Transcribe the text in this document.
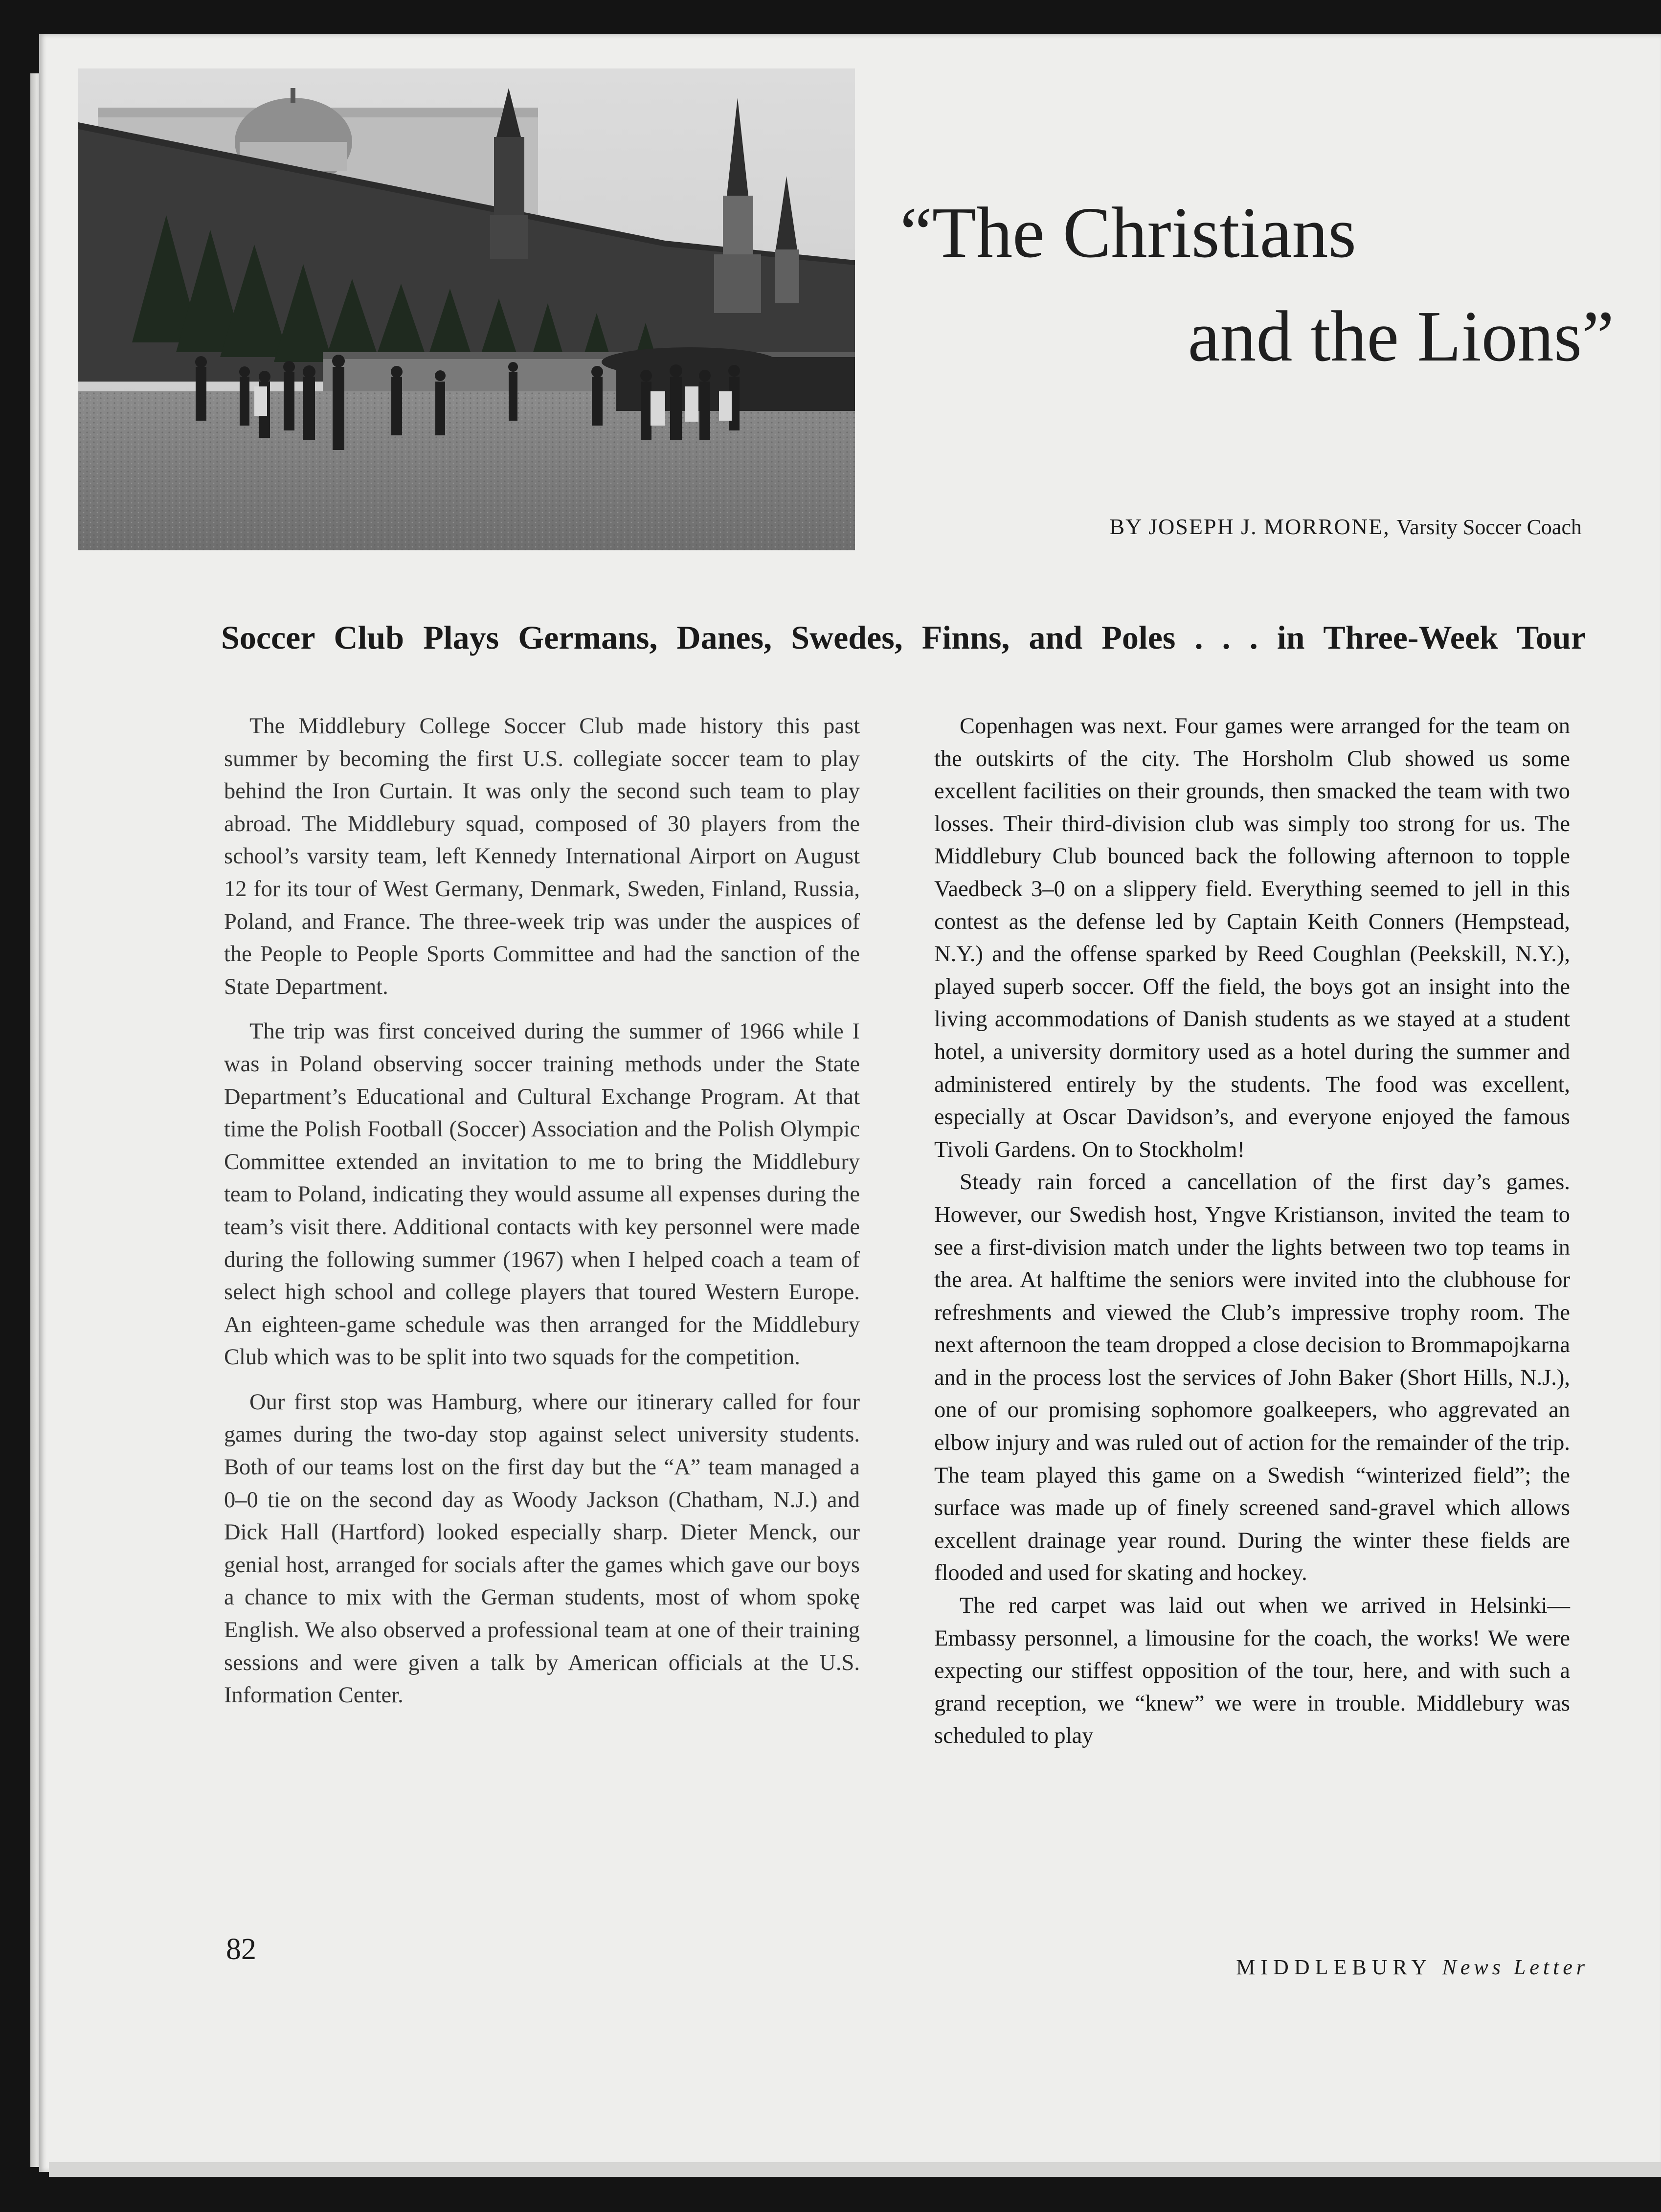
“The Christians
and the Lions”
BY JOSEPH J. MORRONE, Varsity Soccer Coach
Soccer Club Plays Germans, Danes, Swedes, Finns, and Poles . . . in Three-Week Tour

The Middlebury College Soccer Club made history this past summer by becoming the first U.S. collegiate soccer team to play behind the Iron Curtain. It was only the second such team to play abroad. The Middlebury squad, composed of 30 players from the school’s varsity team, left Kennedy International Airport on August 12 for its tour of West Germany, Denmark, Sweden, Finland, Russia, Poland, and France. The three-week trip was under the auspices of the People to People Sports Committee and had the sanction of the State Department.

The trip was first conceived during the summer of 1966 while I was in Poland observing soccer training methods under the State Department’s Educational and Cultural Exchange Program. At that time the Polish Football (Soccer) Association and the Polish Olympic Committee extended an invitation to me to bring the Middlebury team to Poland, indicating they would assume all expenses during the team’s visit there. Additional contacts with key personnel were made during the following summer (1967) when I helped coach a team of select high school and college players that toured Western Europe. An eighteen-game schedule was then arranged for the Middlebury Club which was to be split into two squads for the competition.

Our first stop was Hamburg, where our itinerary called for four games during the two-day stop against select university students. Both of our teams lost on the first day but the “A” team managed a 0–0 tie on the second day as Woody Jackson (Chatham, N.J.) and Dick Hall (Hartford) looked especially sharp. Dieter Menck, our genial host, arranged for socials after the games which gave our boys a chance to mix with the German students, most of whom spokę English. We also observed a professional team at one of their training sessions and were given a talk by American officials at the U.S. Information Center.

Copenhagen was next. Four games were arranged for the team on the outskirts of the city. The Horsholm Club showed us some excellent facilities on their grounds, then smacked the team with two losses. Their third-division club was simply too strong for us. The Middlebury Club bounced back the following afternoon to topple Vaedbeck 3–0 on a slippery field. Everything seemed to jell in this contest as the defense led by Captain Keith Conners (Hempstead, N.Y.) and the offense sparked by Reed Coughlan (Peekskill, N.Y.), played superb soccer. Off the field, the boys got an insight into the living accommodations of Danish students as we stayed at a student hotel, a university dormitory used as a hotel during the summer and administered entirely by the students. The food was excellent, especially at Oscar Davidson’s, and everyone enjoyed the famous Tivoli Gardens. On to Stockholm!

Steady rain forced a cancellation of the first day’s games. However, our Swedish host, Yngve Kristianson, invited the team to see a first-division match under the lights between two top teams in the area. At halftime the seniors were invited into the clubhouse for refreshments and viewed the Club’s impressive trophy room. The next afternoon the team dropped a close decision to Brommapojkarna and in the process lost the services of John Baker (Short Hills, N.J.), one of our promising sophomore goalkeepers, who aggrevated an elbow injury and was ruled out of action for the remainder of the trip. The team played this game on a Swedish “winterized field”; the surface was made up of finely screened sand-gravel which allows excellent drainage year round. During the winter these fields are flooded and used for skating and hockey.

The red carpet was laid out when we arrived in Helsinki—Embassy personnel, a limousine for the coach, the works! We were expecting our stiffest opposition of the tour, here, and with such a grand reception, we “knew” we were in trouble. Middlebury was scheduled to play

82
MIDDLEBURY News Letter
